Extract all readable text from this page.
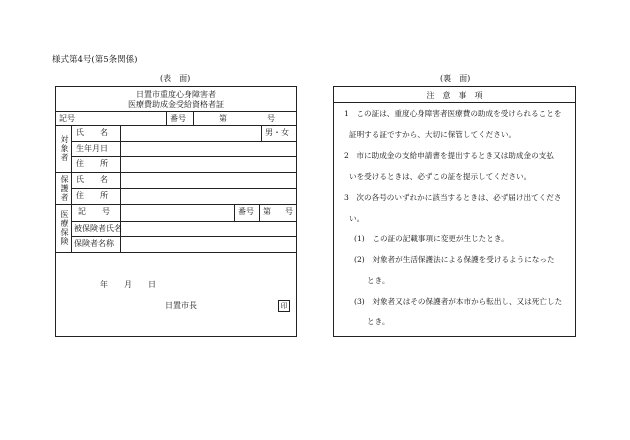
様式第4号(第5条関係)
(表　面)	(裏　面)
日置市重度心身障害者
医療費助成金受給資格者証
記号	番号	第	号
対象者
氏　　名	男・女
生年月日
住　　所
保護者 氏　　名
住　　所
医療保険 記　　号	番号 第 号
被保険者氏名
保険者名称
年　　月　　日
日置市長	印
注　意　事　項
1　この証は、重度心身障害者医療費の助成を受けられることを
証明する証ですから、大切に保管してください。
2　市に助成金の支給申請書を提出するとき又は助成金の支払
いを受けるときは、必ずこの証を提示してください。
3　次の各号のいずれかに該当するときは、必ず届け出てくださ
い。
(1)　この証の記載事項に変更が生じたとき。
(2)　対象者が生活保護法による保護を受けるようになった
とき。
(3)　対象者又はその保護者が本市から転出し、又は死亡した
とき。
